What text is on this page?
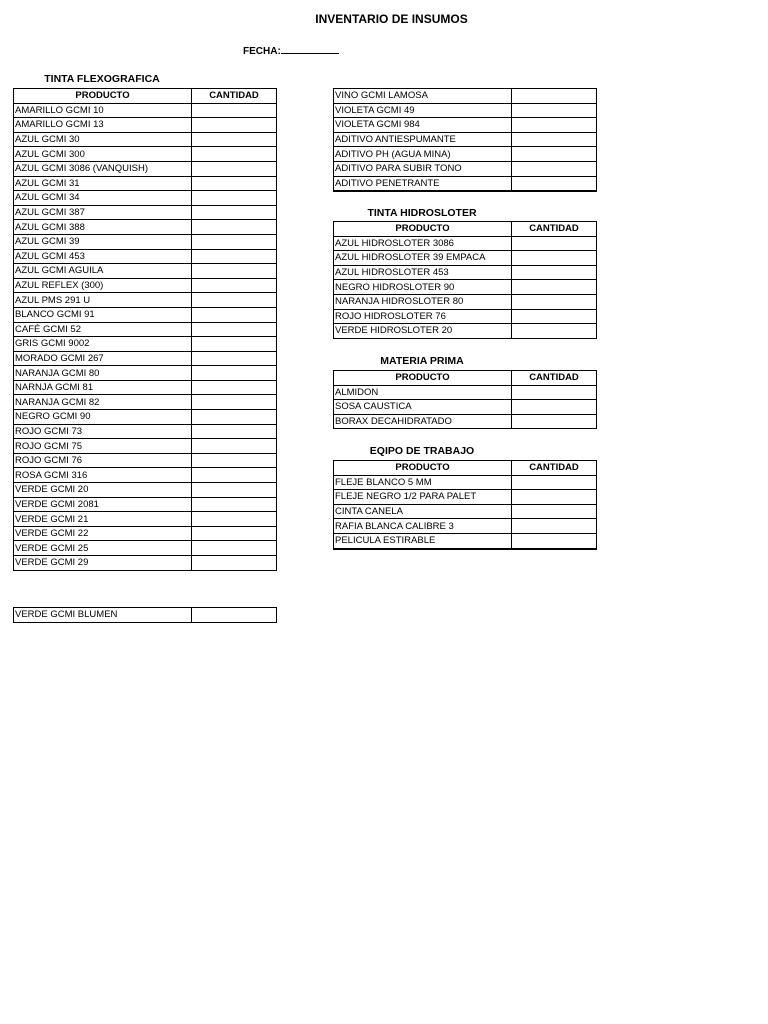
INVENTARIO DE INSUMOS
FECHA:
TINTA FLEXOGRAFICA
PRODUCTO	CANTIDAD
AMARILLO GCMI 10	
AMARILLO GCMI 13	
AZUL GCMI 30	
AZUL GCMI 300	
AZUL GCMI 3086 (VANQUISH)	
AZUL GCMI 31	
AZUL GCMI 34	
AZUL GCMI 387	
AZUL GCMI 388	
AZUL GCMI 39	
AZUL GCMI 453	
AZUL GCMI AGUILA	
AZUL REFLEX (300)	
AZUL PMS 291 U	
BLANCO GCMI 91	
CAFÉ GCMI 52	
GRIS GCMI 9002	
MORADO GCMI 267	
NARANJA GCMI 80	
NARNJA GCMI 81	
NARANJA GCMI 82	
NEGRO GCMI 90	
ROJO GCMI 73	
ROJO GCMI 75	
ROJO GCMI 76	
ROSA GCMI 316	
VERDE GCMI 20	
VERDE GCMI 2081	
VERDE GCMI 21	
VERDE GCMI 22	
VERDE GCMI 25	
VERDE GCMI 29	
VERDE GCMI BLUMEN	
VINO GCMI LAMOSA	
VIOLETA GCMI 49	
VIOLETA GCMI 984	
ADITIVO ANTIESPUMANTE	
ADITIVO PH (AGUA MINA)	
ADITIVO PARA SUBIR TONO	
ADITIVO PENETRANTE	
TINTA HIDROSLOTER
PRODUCTO	CANTIDAD
AZUL HIDROSLOTER 3086	
AZUL HIDROSLOTER 39 EMPACA	
AZUL HIDROSLOTER 453	
NEGRO HIDROSLOTER 90	
NARANJA HIDROSLOTER 80	
ROJO HIDROSLOTER 76	
VERDE HIDROSLOTER 20	
MATERIA PRIMA
PRODUCTO	CANTIDAD
ALMIDON	
SOSA CAUSTICA	
BORAX DECAHIDRATADO	
EQIPO DE TRABAJO
PRODUCTO	CANTIDAD
FLEJE BLANCO 5 MM	
FLEJE NEGRO 1/2 PARA PALET	
CINTA CANELA	
RAFIA BLANCA CALIBRE 3	
PELICULA ESTIRABLE	
